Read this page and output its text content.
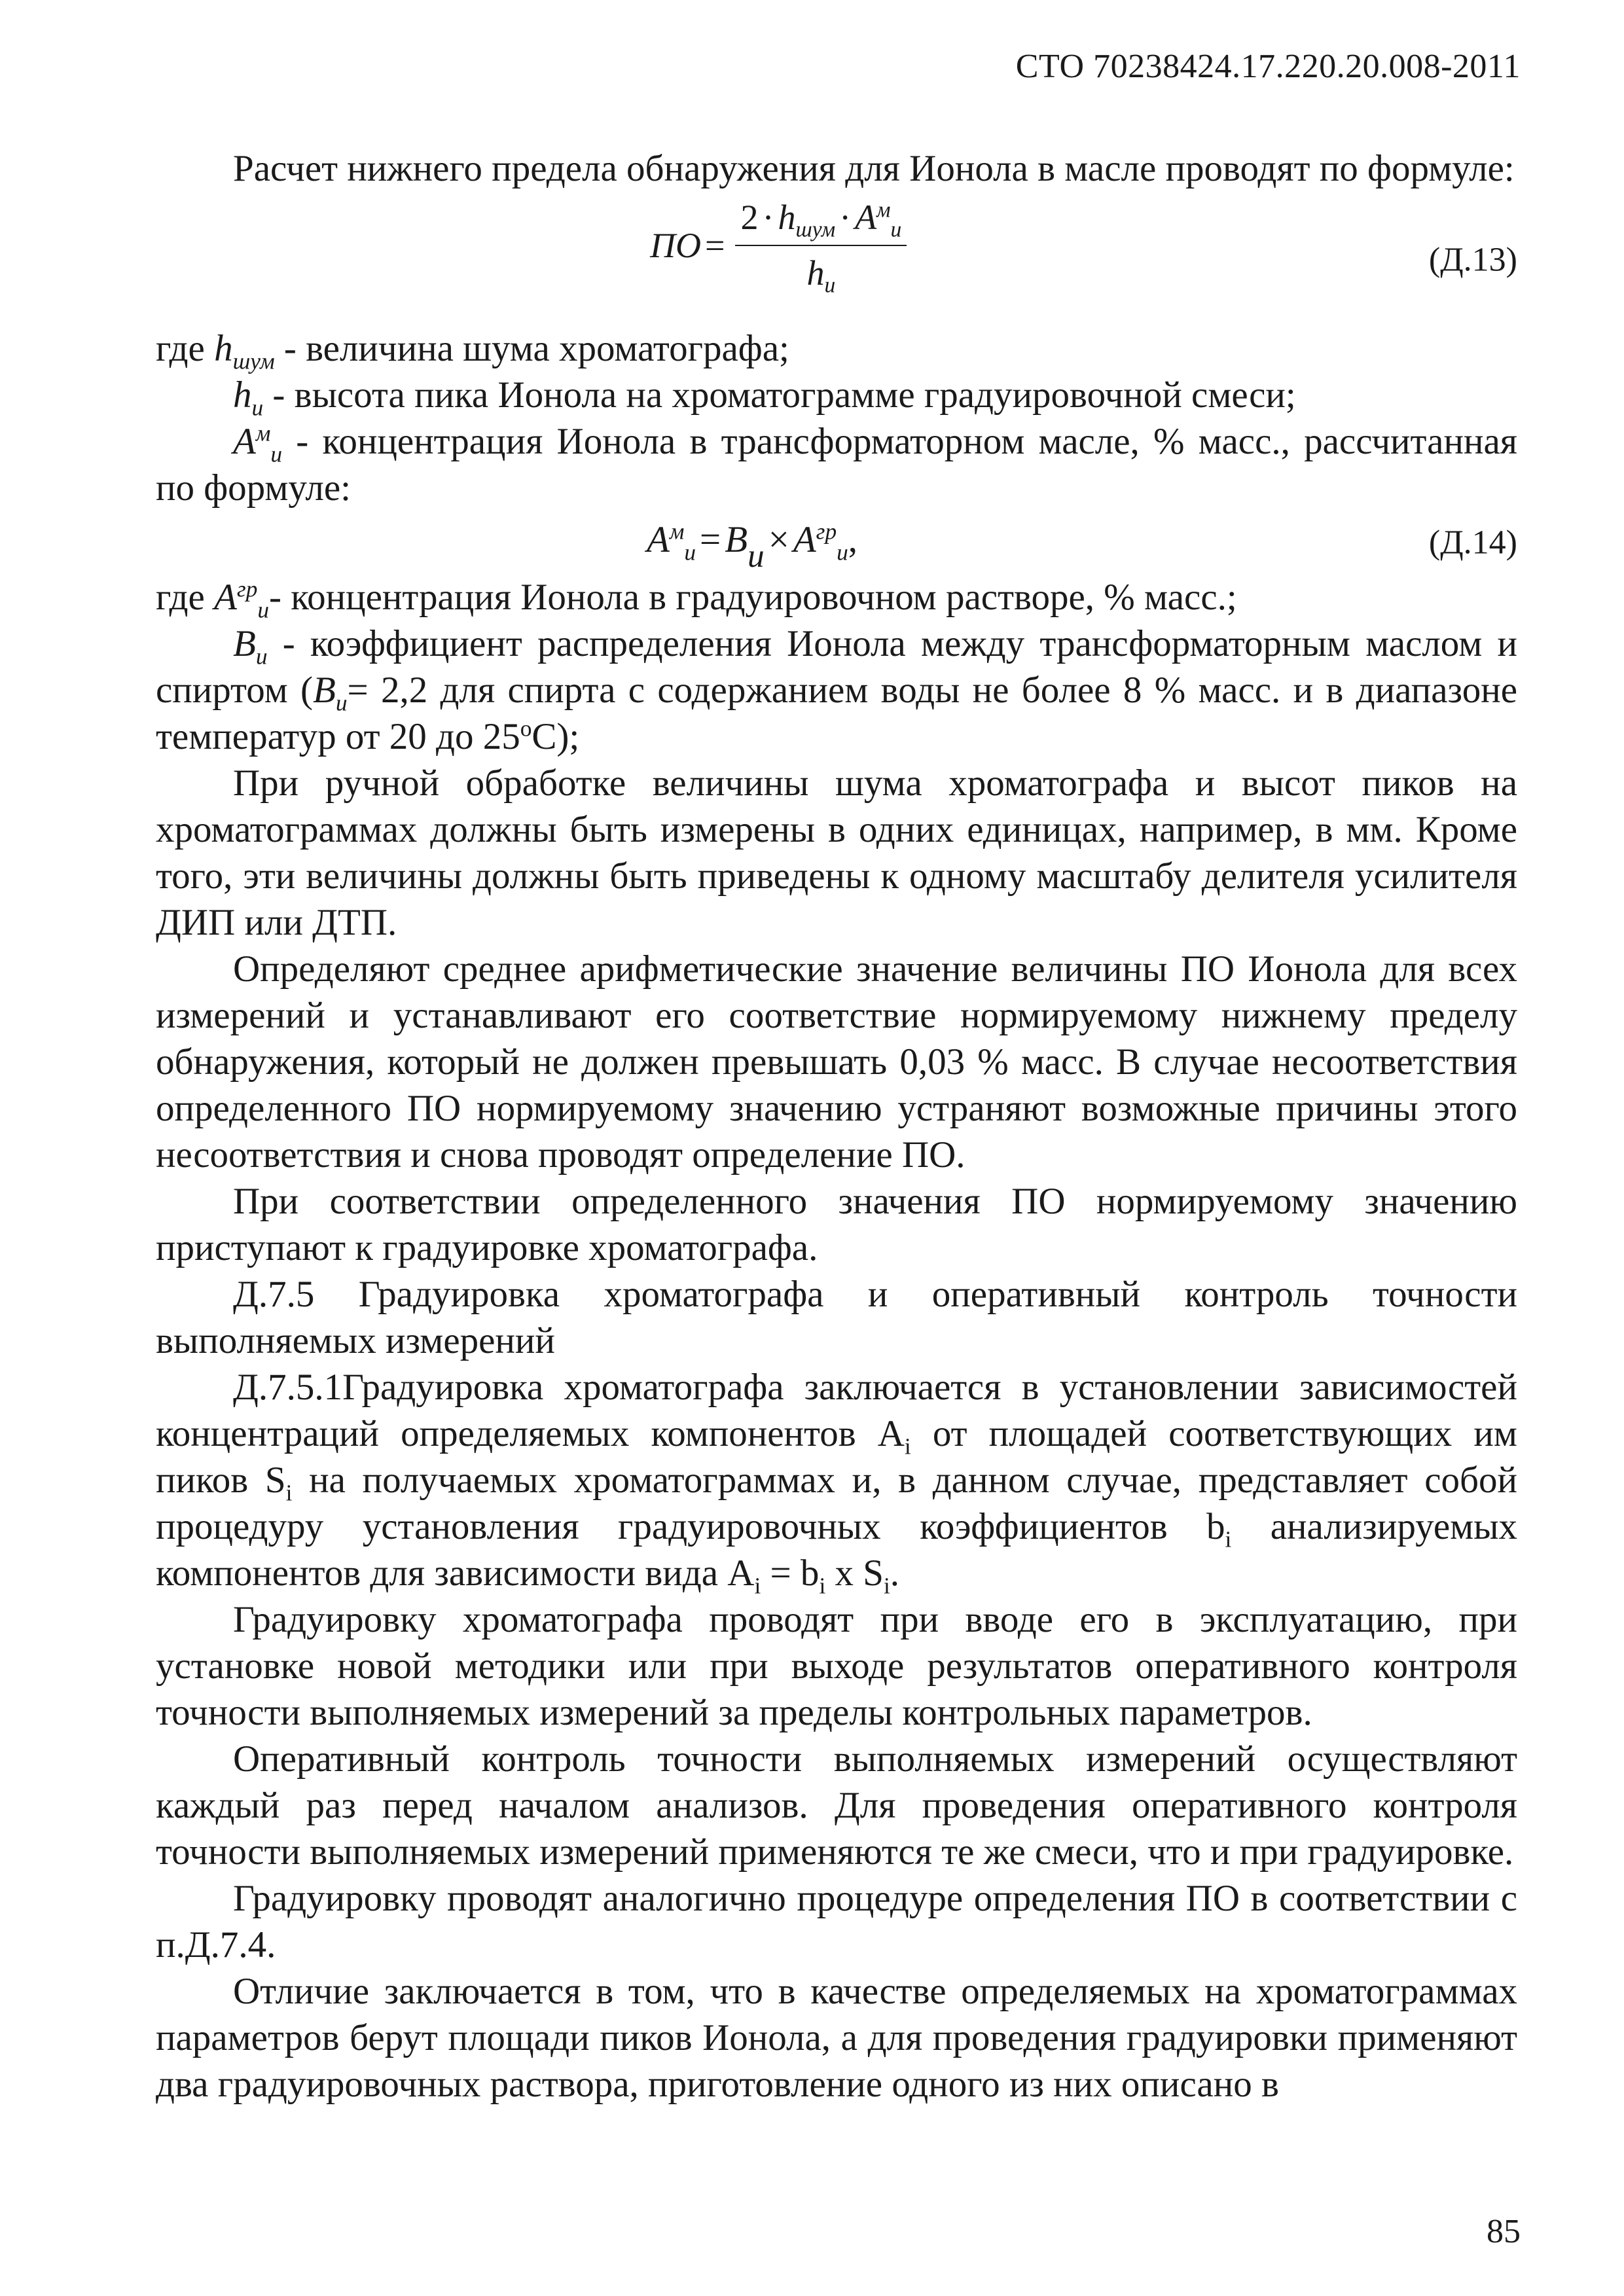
СТО 70238424.17.220.20.008-2011

Расчет нижнего предела обнаружения для Ионола в масле проводят по формуле:

ПО = $\frac{2 \cdot h_{шум} \cdot A^м_и}{h_и}$	(Д.13)

где $h_{шум}$ - величина шума хроматографа;

$h_и$ - высота пика Ионола на хроматограмме градуировочной смеси;

$A^м_и$ - концентрация Ионола в трансформаторном масле, % масс., рассчитанная по формуле:

$A^м_и$ = Bи × $A^{гр}_и$,	(Д.14)

где $A^{гр}_и-$ концентрация Ионола в градуировочном растворе, % масс.;

$B_и$ - коэффициент распределения Ионола между трансформаторным маслом и спиртом ($B_и= 2,2$ для спирта с содержанием воды не более 8 % масс. и в диапазоне температур от 20 до 25$^o$С);

При ручной обработке величины шума хроматографа и высот пиков на хроматограммах должны быть измерены в одних единицах, например, в мм. Кроме того, эти величины должны быть приведены к одному масштабу делителя усилителя ДИП или ДТП.

Определяют среднее арифметические значение величины ПО Ионола для всех измерений и устанавливают его соответствие нормируемому нижнему пределу обнаружения, который не должен превышать 0,03 % масс. В случае несоответствия определенного ПО нормируемому значению устраняют возможные причины этого несоответствия и снова проводят определение ПО.

При соответствии определенного значения ПО нормируемому значению приступают к градуировке хроматографа.

Д.7.5 Градуировка хроматографа и оперативный контроль точности выполняемых измерений

Д.7.5.1Градуировка хроматографа заключается в установлении зависимостей концентраций определяемых компонентов $A_i$ от площадей соответствующих им пиков $S_i$ на получаемых хроматограммах и, в данном случае, представляет собой процедуру установления градуировочных коэффициентов $b_i$ анализируемых компонентов для зависимости вида $A_i = b_i$ x $S_i$.

Градуировку хроматографа проводят при вводе его в эксплуатацию, при установке новой методики или при выходе результатов оперативного контроля точности выполняемых измерений за пределы контрольных параметров.

Оперативный контроль точности выполняемых измерений осуществляют каждый раз перед началом анализов. Для проведения оперативного контроля точности выполняемых измерений применяются те же смеси, что и при градуировке.

Градуировку проводят аналогично процедуре определения ПО в соответствии с п.Д.7.4.

Отличие заключается в том, что в качестве определяемых на хроматограммах параметров берут площади пиков Ионола, а для проведения градуировки применяют два градуировочных раствора, приготовление одного из них описано в

85
